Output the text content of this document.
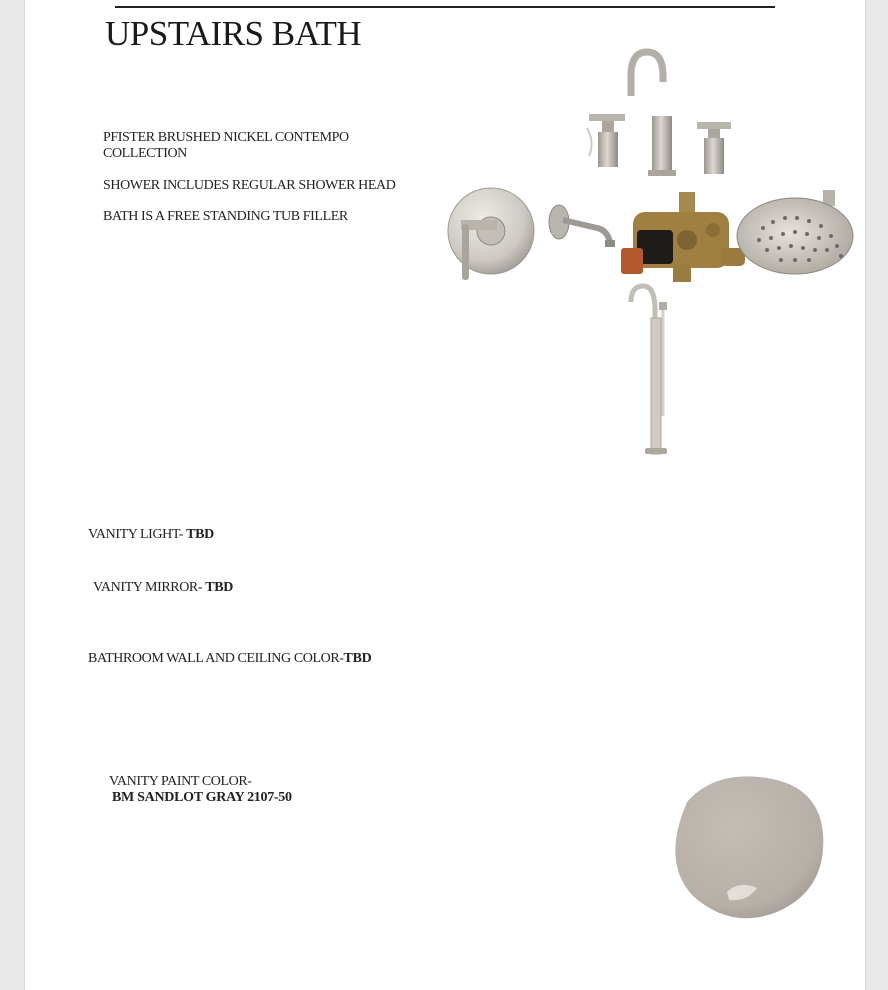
UPSTAIRS BATH
PFISTER BRUSHED NICKEL CONTEMPO
COLLECTION
SHOWER INCLUDES REGULAR SHOWER HEAD
BATH IS A FREE STANDING TUB FILLER
VANITY LIGHT- TBD
VANITY MIRROR- TBD
BATHROOM WALL AND CEILING COLOR-TBD
VANITY PAINT COLOR-
BM SANDLOT GRAY 2107-50
